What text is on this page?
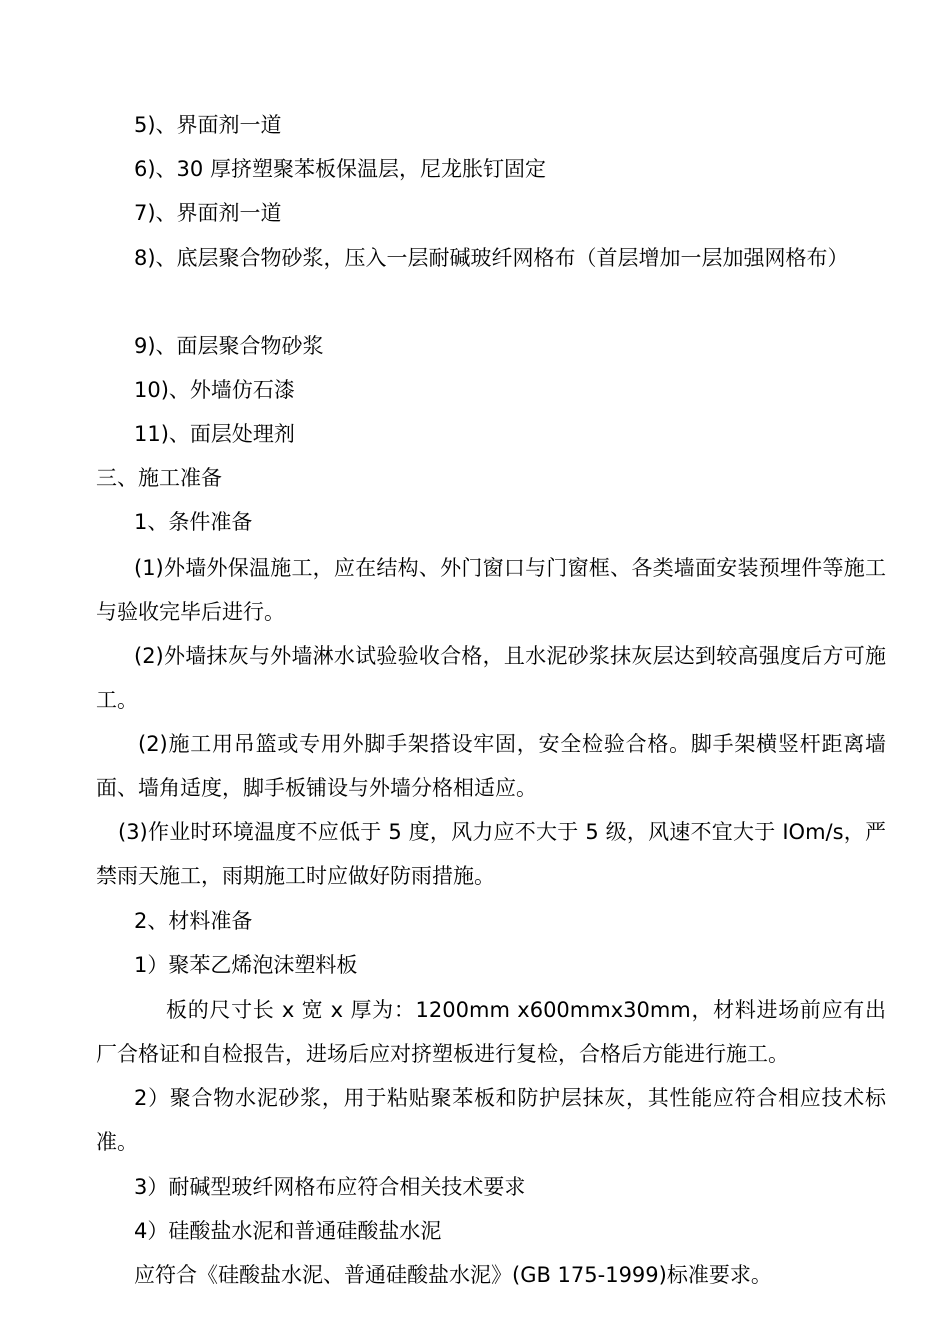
5)、界面剂一道
6)、30 厚挤塑聚苯板保温层，尼龙胀钉固定
7)、界面剂一道
8)、底层聚合物砂浆，压入一层耐碱玻纤网格布（首层增加一层加强网格布）
9)、面层聚合物砂浆
10)、外墙仿石漆
11)、面层处理剂
三、施工准备
1、条件准备
(1)外墙外保温施工，应在结构、外门窗口与门窗框、各类墙面安装预埋件等施工与验收完毕后进行。
(2)外墙抹灰与外墙淋水试验验收合格，且水泥砂浆抹灰层达到较高强度后方可施工。
(2)施工用吊篮或专用外脚手架搭设牢固，安全检验合格。脚手架横竖杆距离墙面、墙角适度，脚手板铺设与外墙分格相适应。
(3)作业时环境温度不应低于 5 度，风力应不大于 5 级，风速不宜大于 IOm/s，严禁雨天施工，雨期施工时应做好防雨措施。
2、材料准备
1）聚苯乙烯泡沫塑料板
板的尺寸长 x 宽 x 厚为：1200mm x600mmx30mm，材料进场前应有出厂合格证和自检报告，进场后应对挤塑板进行复检，合格后方能进行施工。
2）聚合物水泥砂浆，用于粘贴聚苯板和防护层抹灰，其性能应符合相应技术标准。
3）耐碱型玻纤网格布应符合相关技术要求
4）硅酸盐水泥和普通硅酸盐水泥
应符合《硅酸盐水泥、普通硅酸盐水泥》(GB 175-1999)标准要求。
